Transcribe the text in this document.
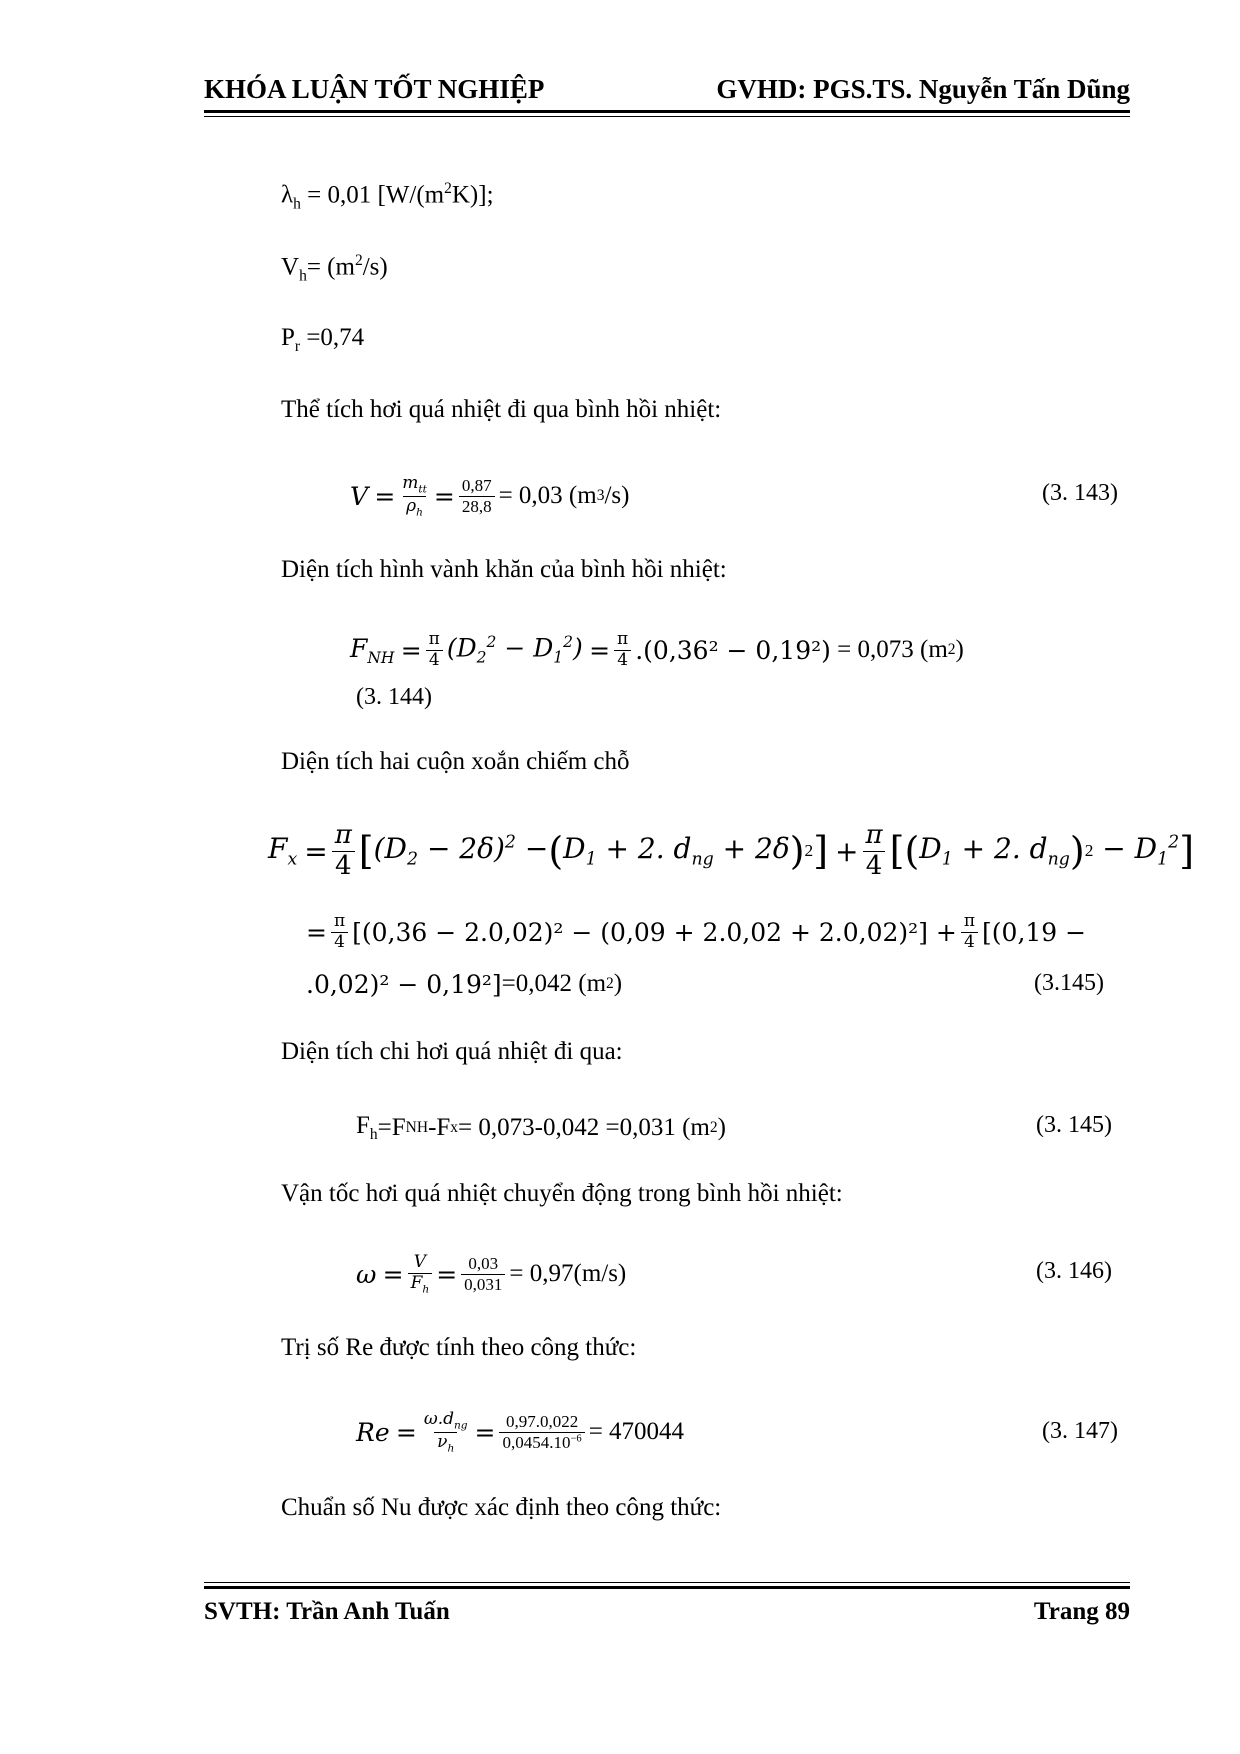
KHÓA LUẬN TỐT NGHIỆP	GVHD: PGS.TS. Nguyễn Tấn Dũng
$\lambda_h = 0,01$ $[W/(m^2K)]$;
$V_h= (m^2/s)$
$P_r =0,74$
Thể tích hơi quá nhiệt đi qua bình hồi nhiệt:
V
= $\frac{m_{tt}}{\rho_h} = \frac{0,87}{28,8} = 0,03$ (m 3 /s)	(3. 143)
Diện tích hình vành khăn của bình hồi nhiệt:
$F_{NH}$
= $\frac{\pi}{4} (D_2^2 - D_1^2)$
= $\frac{\pi}{4}$ . (0,36² − 0,19²)
= 0,073 (m 2 )
(3. 144)
Diện tích hai cuộn xoắn chiếm chỗ
$F_x$
= $\frac{\pi}{4}$ [ $(D_2 - 2\delta)^2$ − ( $D_1 + 2$. $d_{ng} + 2\delta$ ) 2 ]
+ $\frac{\pi}{4}$ [ ( $D_1 + 2$. $d_{ng}$ ) $2 - D_1^2$ ]
= $\frac{\pi}{4} [(0,36 - 2.0,02)^2 - (0,09 + 2.0,02 + 2.0,02)^2] + \frac{\pi}{4} [(0,19$ −
.0,02)² − 0,19²] =0,042 (m 2 )	(3.145)
Diện tích chi hơi quá nhiệt đi qua:
$F_h =F$ NH -F x = 0,073-0,042 =0,031 (m 2 )	(3. 145)
Vận tốc hơi quá nhiệt chuyển động trong bình hồi nhiệt:
ω
= $\frac{V}{F_h} = \frac{0,03}{0,031} = 0,97(m/s)$	(3. 146)
Trị số Re được tính theo công thức:
Re
= $\frac{\omega.d_{ng}}{\nu_h} = \frac{0,97.0,022}{0,0454.10^{-6}} = 470044$	(3. 147)
Chuẩn số Nu được xác định theo công thức:
SVTH: Trần Anh Tuấn	Trang 89
